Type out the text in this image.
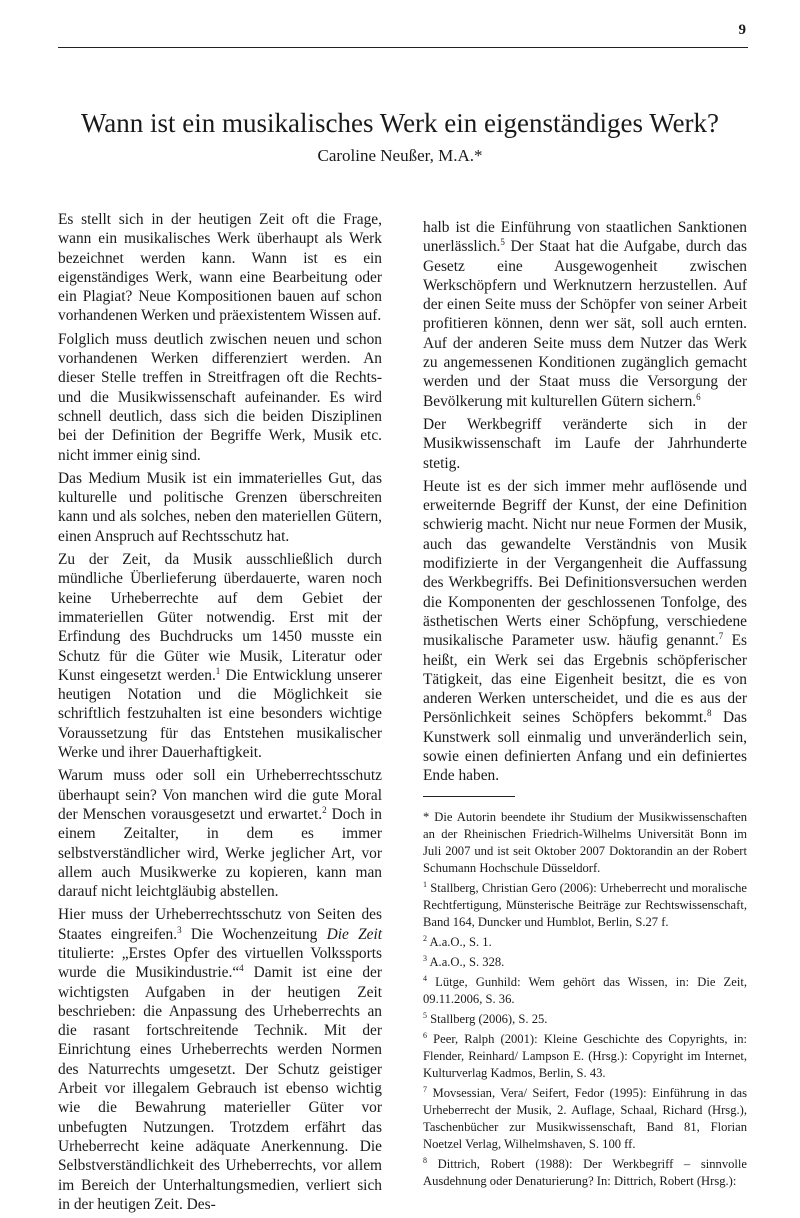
9
Wann ist ein musikalisches Werk ein eigenständiges Werk?
Caroline Neußer, M.A.*

Es stellt sich in der heutigen Zeit oft die Frage, wann ein musikalisches Werk überhaupt als Werk bezeichnet werden kann. Wann ist es ein eigenständiges Werk, wann eine Bearbeitung oder ein Plagiat? Neue Kompositionen bauen auf schon vorhandenen Werken und präexistentem Wissen auf.

Folglich muss deutlich zwischen neuen und schon vorhandenen Werken differenziert werden. An dieser Stelle treffen in Streitfragen oft die Rechts- und die Musikwissenschaft aufeinander. Es wird schnell deutlich, dass sich die beiden Disziplinen bei der Definition der Begriffe Werk, Musik etc. nicht immer einig sind.

Das Medium Musik ist ein immaterielles Gut, das kulturelle und politische Grenzen überschreiten kann und als solches, neben den materiellen Gütern, einen Anspruch auf Rechtsschutz hat.

Zu der Zeit, da Musik ausschließlich durch mündliche Überlieferung überdauerte, waren noch keine Urheberrechte auf dem Gebiet der immateriellen Güter notwendig. Erst mit der Erfindung des Buchdrucks um 1450 musste ein Schutz für die Güter wie Musik, Literatur oder Kunst eingesetzt werden.$^1$ Die Entwicklung unserer heutigen Notation und die Möglichkeit sie schriftlich festzuhalten ist eine besonders wichtige Voraussetzung für das Entstehen musikalischer Werke und ihrer Dauerhaftigkeit.

Warum muss oder soll ein Urheberrechtsschutz überhaupt sein? Von manchen wird die gute Moral der Menschen vorausgesetzt und erwartet.$^2$ Doch in einem Zeitalter, in dem es immer selbstverständlicher wird, Werke jeglicher Art, vor allem auch Musikwerke zu kopieren, kann man darauf nicht leichtgläubig abstellen.

Hier muss der Urheberrechtsschutz von Seiten des Staates eingreifen.$^3$ Die Wochenzeitung Die Zeit titulierte: „Erstes Opfer des virtuellen Volkssports wurde die Musikindustrie.“$^4$ Damit ist eine der wichtigsten Aufgaben in der heutigen Zeit beschrieben: die Anpassung des Urheberrechts an die rasant fortschreitende Technik. Mit der Einrichtung eines Urheberrechts werden Normen des Naturrechts umgesetzt. Der Schutz geistiger Arbeit vor illegalem Gebrauch ist ebenso wichtig wie die Bewahrung materieller Güter vor unbefugten Nutzungen. Trotzdem erfährt das Urheberrecht keine adäquate Anerkennung. Die Selbstverständlichkeit des Urheberrechts, vor allem im Bereich der Unterhaltungsmedien, verliert sich in der heutigen Zeit. Des-

halb ist die Einführung von staatlichen Sanktionen unerlässlich.$^5$ Der Staat hat die Aufgabe, durch das Gesetz eine Ausgewogenheit zwischen Werkschöpfern und Werknutzern herzustellen. Auf der einen Seite muss der Schöpfer von seiner Arbeit profitieren können, denn wer sät, soll auch ernten. Auf der anderen Seite muss dem Nutzer das Werk zu angemessenen Konditionen zugänglich gemacht werden und der Staat muss die Versorgung der Bevölkerung mit kulturellen Gütern sichern.$^6$

Der Werkbegriff veränderte sich in der Musikwissenschaft im Laufe der Jahrhunderte stetig.

Heute ist es der sich immer mehr auflösende und erweiternde Begriff der Kunst, der eine Definition schwierig macht. Nicht nur neue Formen der Musik, auch das gewandelte Verständnis von Musik modifizierte in der Vergangenheit die Auffassung des Werkbegriffs. Bei Definitionsversuchen werden die Komponenten der geschlossenen Tonfolge, des ästhetischen Werts einer Schöpfung, verschiedene musikalische Parameter usw. häufig genannt.$^7$ Es heißt, ein Werk sei das Ergebnis schöpferischer Tätigkeit, das eine Eigenheit besitzt, die es von anderen Werken unterscheidet, und die es aus der Persönlichkeit seines Schöpfers bekommt.$^8$ Das Kunstwerk soll einmalig und unveränderlich sein, sowie einen definierten Anfang und ein definiertes Ende haben.

* Die Autorin beendete ihr Studium der Musikwissenschaften an der Rheinischen Friedrich-Wilhelms Universität Bonn im Juli 2007 und ist seit Oktober 2007 Doktorandin an der Robert Schumann Hochschule Düsseldorf.
$^1$ Stallberg, Christian Gero (2006): Urheberrecht und moralische Rechtfertigung, Münsterische Beiträge zur Rechtswissenschaft, Band 164, Duncker und Humblot, Berlin, S.27 f.
$^2$ A.a.O., S. 1.
$^3$ A.a.O., S. 328.
$^4$ Lütge, Gunhild: Wem gehört das Wissen, in: Die Zeit, 09.11.2006, S. 36.
$^5$ Stallberg (2006), S. 25.
$^6$ Peer, Ralph (2001): Kleine Geschichte des Copyrights, in: Flender, Reinhard/ Lampson E. (Hrsg.): Copyright im Internet, Kulturverlag Kadmos, Berlin, S. 43.
$^7$ Movsessian, Vera/ Seifert, Fedor (1995): Einführung in das Urheberrecht der Musik, 2. Auflage, Schaal, Richard (Hrsg.), Taschenbücher zur Musikwissenschaft, Band 81, Florian Noetzel Verlag, Wilhelmshaven, S. 100 ff.
$^8$ Dittrich, Robert (1988): Der Werkbegriff – sinnvolle Ausdehnung oder Denaturierung? In: Dittrich, Robert (Hrsg.):
